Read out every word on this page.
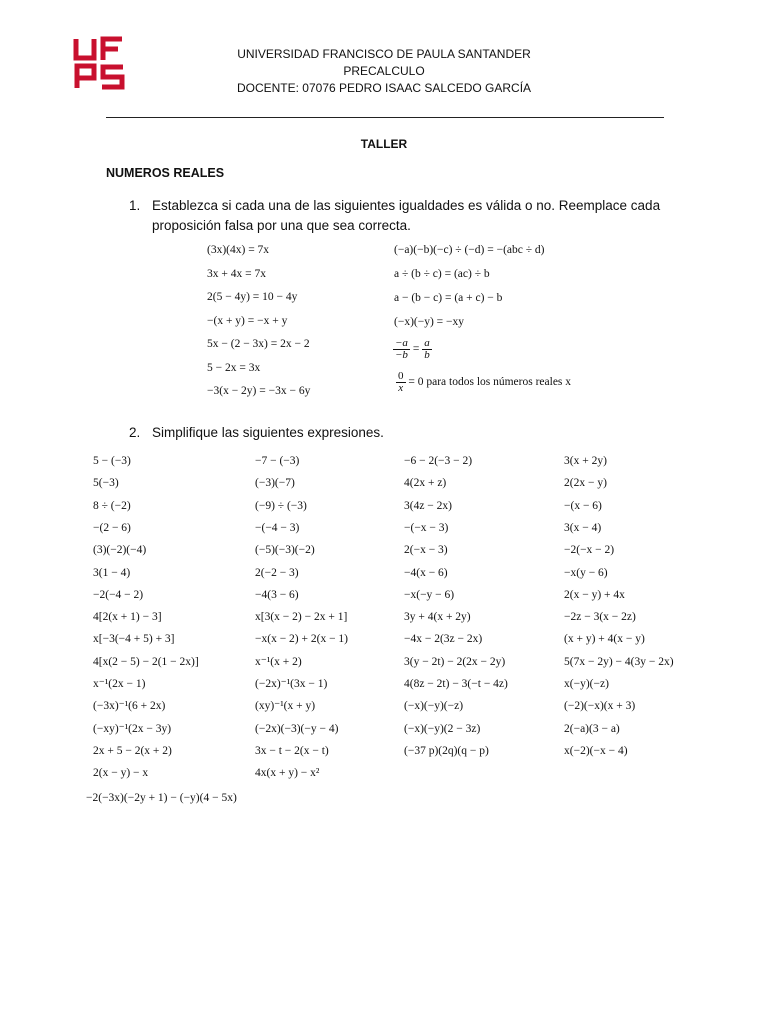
UNIVERSIDAD FRANCISCO DE PAULA SANTANDER
PRECALCULO
DOCENTE: 07076 PEDRO ISAAC SALCEDO GARCÍA
TALLER
NUMEROS REALES
1. Establezca si cada una de las siguientes igualdades es válida o no. Reemplace cada
proposición falsa por una que sea correcta.
(3x)(4x) = 7x
3x + 4x = 7x
2(5 − 4y) = 10 − 4y
−(x + y) = −x + y
5x − (2 − 3x) = 2x − 2
5 − 2x = 3x
−3(x − 2y) = −3x − 6y
(−a)(−b)(−c) ÷ (−d) = −(abc ÷ d)
a ÷ (b ÷ c) = (ac) ÷ b
a − (b − c) = (a + c) − b
(−x)(−y) = −xy
$\frac{-a}{-b} = \frac{a}{b}$
$\frac{0}{x} = 0$ para todos los números reales x
2. Simplifique las siguientes expresiones.
5 − (−3)
5(−3)
8 ÷ (−2)
−(2 − 6)
(3)(−2)(−4)
3(1 − 4)
−2(−4 − 2)
4[2(x + 1) − 3]
x[−3(−4 + 5) + 3]
4[x(2 − 5) − 2(1 − 2x)]
x⁻¹(2x − 1)
(−3x)⁻¹(6 + 2x)
(−xy)⁻¹(2x − 3y)
2x + 5 − 2(x + 2)
2(x − y) − x
−7 − (−3)
(−3)(−7)
(−9) ÷ (−3)
−(−4 − 3)
(−5)(−3)(−2)
2(−2 − 3)
−4(3 − 6)
x[3(x − 2) − 2x + 1]
−x(x − 2) + 2(x − 1)
x⁻¹(x + 2)
(−2x)⁻¹(3x − 1)
(xy)⁻¹(x + y)
(−2x)(−3)(−y − 4)
3x − t − 2(x − t)
4x(x + y) − x²
−6 − 2(−3 − 2)
4(2x + z)
3(4z − 2x)
−(−x − 3)
2(−x − 3)
−4(x − 6)
−x(−y − 6)
3y + 4(x + 2y)
−4x − 2(3z − 2x)
3(y − 2t) − 2(2x − 2y)
4(8z − 2t) − 3(−t − 4z)
(−x)(−y)(−z)
(−x)(−y)(2 − 3z)
(−37 p)(2q)(q − p)
3(x + 2y)
2(2x − y)
−(x − 6)
3(x − 4)
−2(−x − 2)
−x(y − 6)
2(x − y) + 4x
−2z − 3(x − 2z)
(x + y) + 4(x − y)
5(7x − 2y) − 4(3y − 2x)
x(−y)(−z)
(−2)(−x)(x + 3)
2(−a)(3 − a)
x(−2)(−x − 4)
−2(−3x)(−2y + 1) − (−y)(4 − 5x)
